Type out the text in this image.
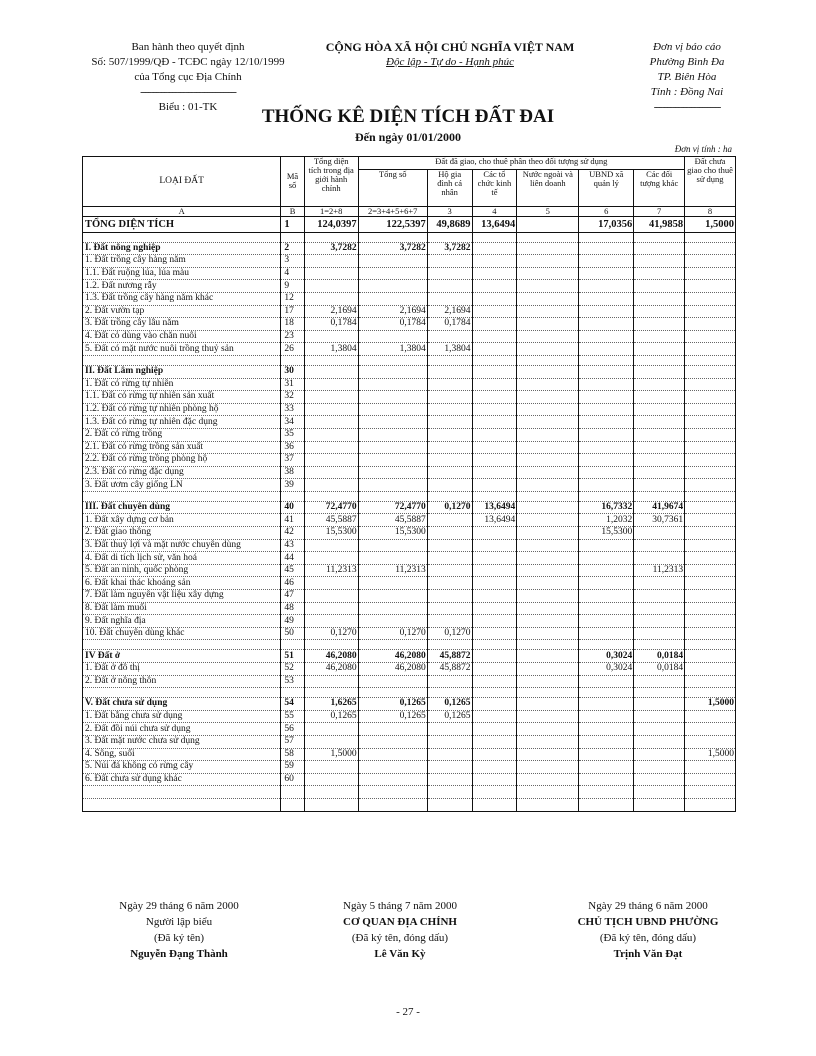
Ban hành theo quyết định
Số: 507/1999/QĐ - TCĐC ngày 12/10/1999
của Tổng cục Địa Chính
------------------------------------
Biểu : 01-TK
CỘNG HÒA XÃ HỘI CHỦ NGHĨA VIỆT NAM
Độc lập - Tự do - Hạnh phúc
Đơn vị báo cáo
Phường Bình Đa
TP. Biên Hòa
Tỉnh : Đồng Nai
-------------------------
THỐNG KÊ DIỆN TÍCH ĐẤT ĐAI
Đến ngày 01/01/2000
Đơn vị tính : ha
LOẠI ĐẤT	Mã số	Tổng diện tích trong địa giới hành chính	Đất đã giao, cho thuê phân theo đối tượng sử dụng						Đất chưa giao cho thuê sử dụng
			Tổng số	Hộ gia đình cá nhân	Các tổ chức kinh tế	Nước ngoài và liên doanh	UBND xã quản lý	Các đối tượng khác	
A	B	1=2+8	2=3+4+5+6+7	3	4	5	6	7	8
TỔNG DIỆN TÍCH	1	124,0397	122,5397	49,8689	13,6494		17,0356	41,9858	1,5000

I. Đất nông nghiệp	2	3,7282	3,7282	3,7282					
1. Đất trồng cây hàng năm	3								
1.1. Đất ruộng lúa, lúa màu	4								
1.2. Đất nương rẫy	9								
1.3. Đất trồng cây hàng năm khác	12								
2. Đất vườn tạp	17	2,1694	2,1694	2,1694					
3. Đất trồng cây lâu năm	18	0,1784	0,1784	0,1784					
4. Đất cỏ dùng vào chăn nuôi	23								
5. Đất có mặt nước nuôi trồng thuỷ sản	26	1,3804	1,3804	1,3804					

II. Đất Lâm nghiệp	30								
1. Đất có rừng tự nhiên	31								
1.1. Đất có rừng tự nhiên sản xuất	32								
1.2. Đất có rừng tự nhiên phòng hộ	33								
1.3. Đất có rừng tự nhiên đặc dụng	34								
2. Đất có rừng trồng	35								
2.1. Đất có rừng trồng sản xuất	36								
2.2. Đất có rừng trồng phòng hộ	37								
2.3. Đất có rừng đặc dụng	38								
3. Đất ươm cây giống LN	39								

III. Đất chuyên dùng	40	72,4770	72,4770	0,1270	13,6494		16,7332	41,9674	
1. Đất xây dựng cơ bản	41	45,5887	45,5887		13,6494		1,2032	30,7361	
2. Đất giao thông	42	15,5300	15,5300				15,5300		
3. Đất thuỷ lợi và mặt nước chuyên dùng	43								
4. Đất di tích lịch sử, văn hoá	44								
5. Đất an ninh, quốc phòng	45	11,2313	11,2313					11,2313	
6. Đất khai thác khoáng sản	46								
7. Đất làm nguyên vật liệu xây dựng	47								
8. Đất làm muối	48								
9. Đất nghĩa địa	49								
10. Đất chuyên dùng khác	50	0,1270	0,1270	0,1270					

IV Đất ở	51	46,2080	46,2080	45,8872			0,3024	0,0184	
1. Đất ở đô thị	52	46,2080	46,2080	45,8872			0,3024	0,0184	
2. Đất ở nông thôn	53								

V. Đất chưa sử dụng	54	1,6265	0,1265	0,1265					1,5000
1. Đất bằng chưa sử dụng	55	0,1265	0,1265	0,1265					
2. Đất đồi núi chưa sử dụng	56								
3. Đất mặt nước chưa sử dụng	57								
4. Sông, suối	58	1,5000							1,5000
5. Núi đá không có rừng cây	59								
6. Đất chưa sử dụng khác	60								

Ngày 29 tháng 6 năm 2000
Người lập biểu
(Đã ký tên)
Nguyễn Đạng Thành
Ngày 5 tháng 7 năm 2000
CƠ QUAN ĐỊA CHÍNH
(Đã ký tên, đóng dấu)
Lê Văn Kỳ
Ngày 29 tháng 6 năm 2000
CHỦ TỊCH UBND PHƯỜNG
(Đã ký tên, đóng dấu)
Trịnh Văn Đạt
- 27 -
